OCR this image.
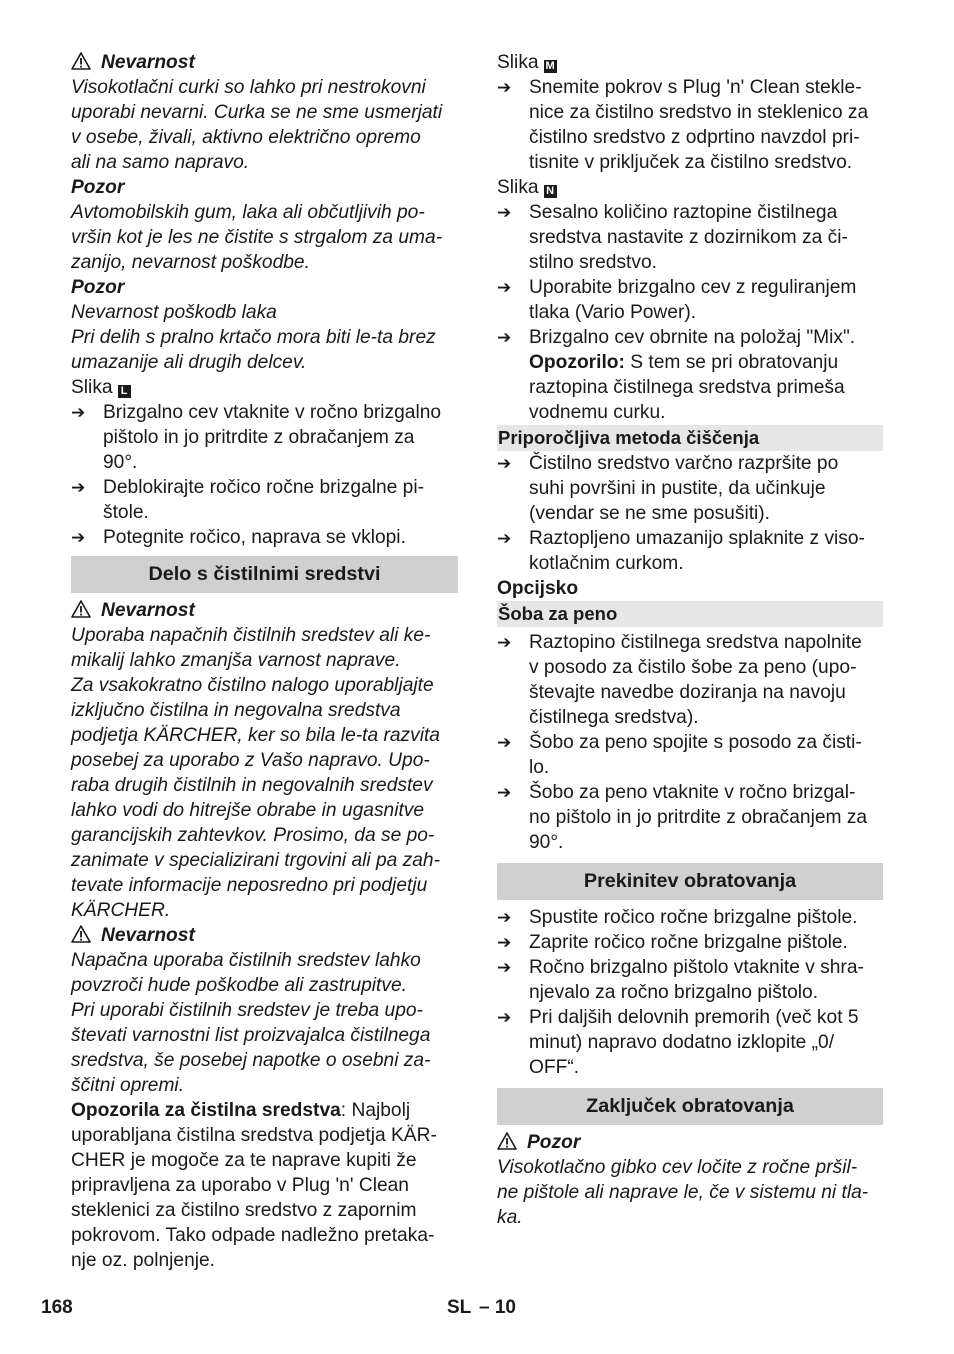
Nevarnost
Visokotlačni curki so lahko pri nestrokovni
uporabi nevarni. Curka se ne sme usmerjati
v osebe, živali, aktivno električno opremo
ali na samo napravo.
Pozor
Avtomobilskih gum, laka ali občutljivih po-
vršin kot je les ne čistite s strgalom za uma-
zanijo, nevarnost poškodbe.
Pozor
Nevarnost poškodb laka
Pri delih s pralno krtačo mora biti le-ta brez
umazanije ali drugih delcev.
Slika L
➔ Brizgalno cev vtaknite v ročno brizgalno
pištolo in jo pritrdite z obračanjem za
90°.
➔ Deblokirajte ročico ročne brizgalne pi-
štole.
➔ Potegnite ročico, naprava se vklopi.
Delo s čistilnimi sredstvi
Nevarnost
Uporaba napačnih čistilnih sredstev ali ke-
mikalij lahko zmanjša varnost naprave.
Za vsakokratno čistilno nalogo uporabljajte
izključno čistilna in negovalna sredstva
podjetja KÄRCHER, ker so bila le-ta razvita
posebej za uporabo z Vašo napravo. Upo-
raba drugih čistilnih in negovalnih sredstev
lahko vodi do hitrejše obrabe in ugasnitve
garancijskih zahtevkov. Prosimo, da se po-
zanimate v specializirani trgovini ali pa zah-
tevate informacije neposredno pri podjetju
KÄRCHER.
Nevarnost
Napačna uporaba čistilnih sredstev lahko
povzroči hude poškodbe ali zastrupitve.
Pri uporabi čistilnih sredstev je treba upo-
števati varnostni list proizvajalca čistilnega
sredstva, še posebej napotke o osebni za-
ščitni opremi.
Opozorila za čistilna sredstva: Najbolj
uporabljana čistilna sredstva podjetja KÄR-
CHER je mogoče za te naprave kupiti že
pripravljena za uporabo v Plug 'n' Clean
steklenici za čistilno sredstvo z zapornim
pokrovom. Tako odpade nadležno pretaka-
nje oz. polnjenje.
Slika M
➔ Snemite pokrov s Plug 'n' Clean stekle-
nice za čistilno sredstvo in steklenico za
čistilno sredstvo z odprtino navzdol pri-
tisnite v priključek za čistilno sredstvo.
Slika N
➔ Sesalno količino raztopine čistilnega
sredstva nastavite z dozirnikom za či-
stilno sredstvo.
➔ Uporabite brizgalno cev z reguliranjem
tlaka (Vario Power).
➔ Brizgalno cev obrnite na položaj "Mix".
Opozorilo: S tem se pri obratovanju
raztopina čistilnega sredstva primeša
vodnemu curku.
Priporočljiva metoda čiščenja
➔ Čistilno sredstvo varčno razpršite po
suhi površini in pustite, da učinkuje
(vendar se ne sme posušiti).
➔ Raztopljeno umazanijo splaknite z viso-
kotlačnim curkom.
Opcijsko
Šoba za peno
➔ Raztopino čistilnega sredstva napolnite
v posodo za čistilo šobe za peno (upo-
števajte navedbe doziranja na navoju
čistilnega sredstva).
➔ Šobo za peno spojite s posodo za čisti-
lo.
➔ Šobo za peno vtaknite v ročno brizgal-
no pištolo in jo pritrdite z obračanjem za
90°.
Prekinitev obratovanja
➔ Spustite ročico ročne brizgalne pištole.
➔ Zaprite ročico ročne brizgalne pištole.
➔ Ročno brizgalno pištolo vtaknite v shra-
njevalo za ročno brizgalno pištolo.
➔ Pri daljših delovnih premorih (več kot 5
minut) napravo dodatno izklopite „0/
OFF“.
Zaključek obratovanja
Pozor
Visokotlačno gibko cev ločite z ročne pršil-
ne pištole ali naprave le, če v sistemu ni tla-
ka.
168	SL – 10
